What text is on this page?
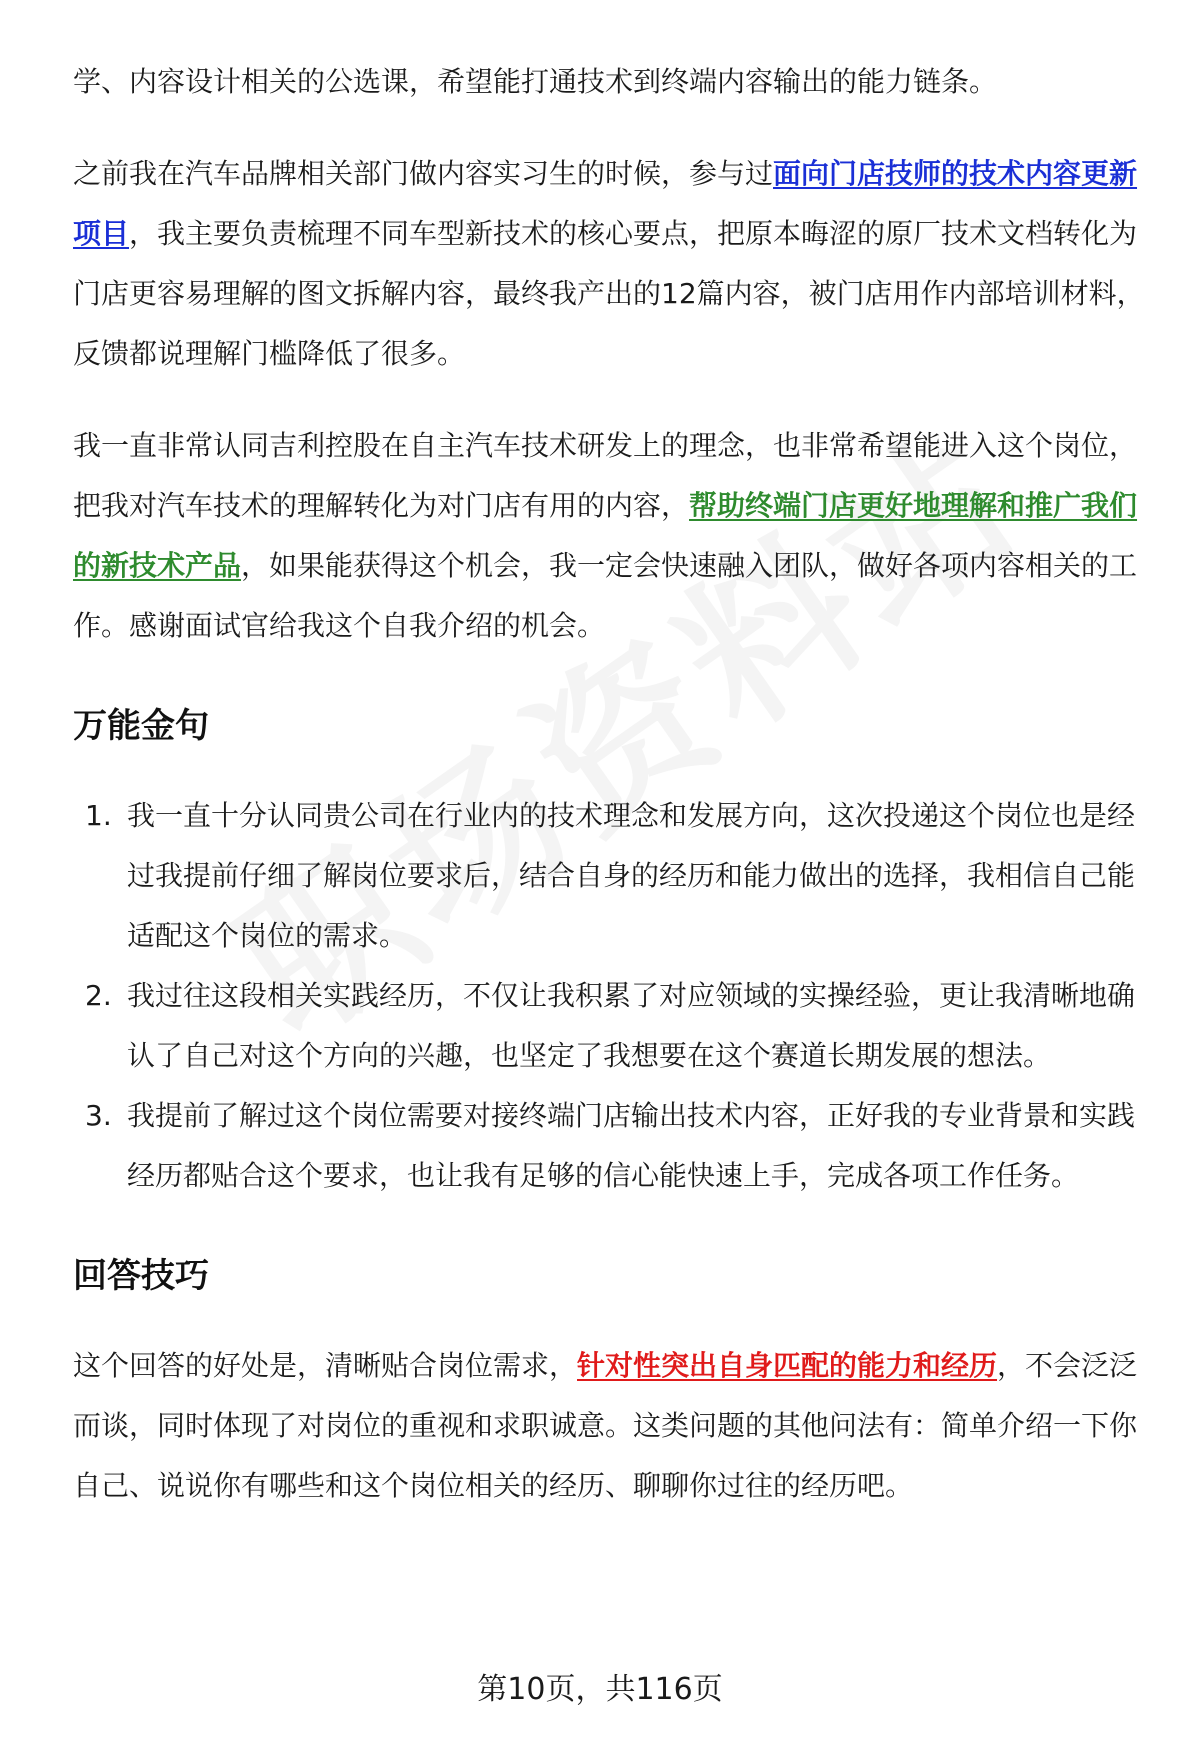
学、内容设计相关的公选课，希望能打通技术到终端内容输出的能力链条。

之前我在汽车品牌相关部门做内容实习生的时候，参与过面向门店技师的技术内容更新项目，我主要负责梳理不同车型新技术的核心要点，把原本晦涩的原厂技术文档转化为门店更容易理解的图文拆解内容，最终我产出的12篇内容，被门店用作内部培训材料，反馈都说理解门槛降低了很多。

我一直非常认同吉利控股在自主汽车技术研发上的理念，也非常希望能进入这个岗位，把我对汽车技术的理解转化为对门店有用的内容，帮助终端门店更好地理解和推广我们的新技术产品，如果能获得这个机会，我一定会快速融入团队，做好各项内容相关的工作。感谢面试官给我这个自我介绍的机会。

万能金句
1. 我一直十分认同贵公司在行业内的技术理念和发展方向，这次投递这个岗位也是经过我提前仔细了解岗位要求后，结合自身的经历和能力做出的选择，我相信自己能适配这个岗位的需求。
2. 我过往这段相关实践经历，不仅让我积累了对应领域的实操经验，更让我清晰地确认了自己对这个方向的兴趣，也坚定了我想要在这个赛道长期发展的想法。
3. 我提前了解过这个岗位需要对接终端门店输出技术内容，正好我的专业背景和实践经历都贴合这个要求，也让我有足够的信心能快速上手，完成各项工作任务。
回答技巧

这个回答的好处是，清晰贴合岗位需求，针对性突出自身匹配的能力和经历，不会泛泛而谈，同时体现了对岗位的重视和求职诚意。这类问题的其他问法有：简单介绍一下你自己、说说你有哪些和这个岗位相关的经历、聊聊你过往的经历吧。

第10页，共116页
